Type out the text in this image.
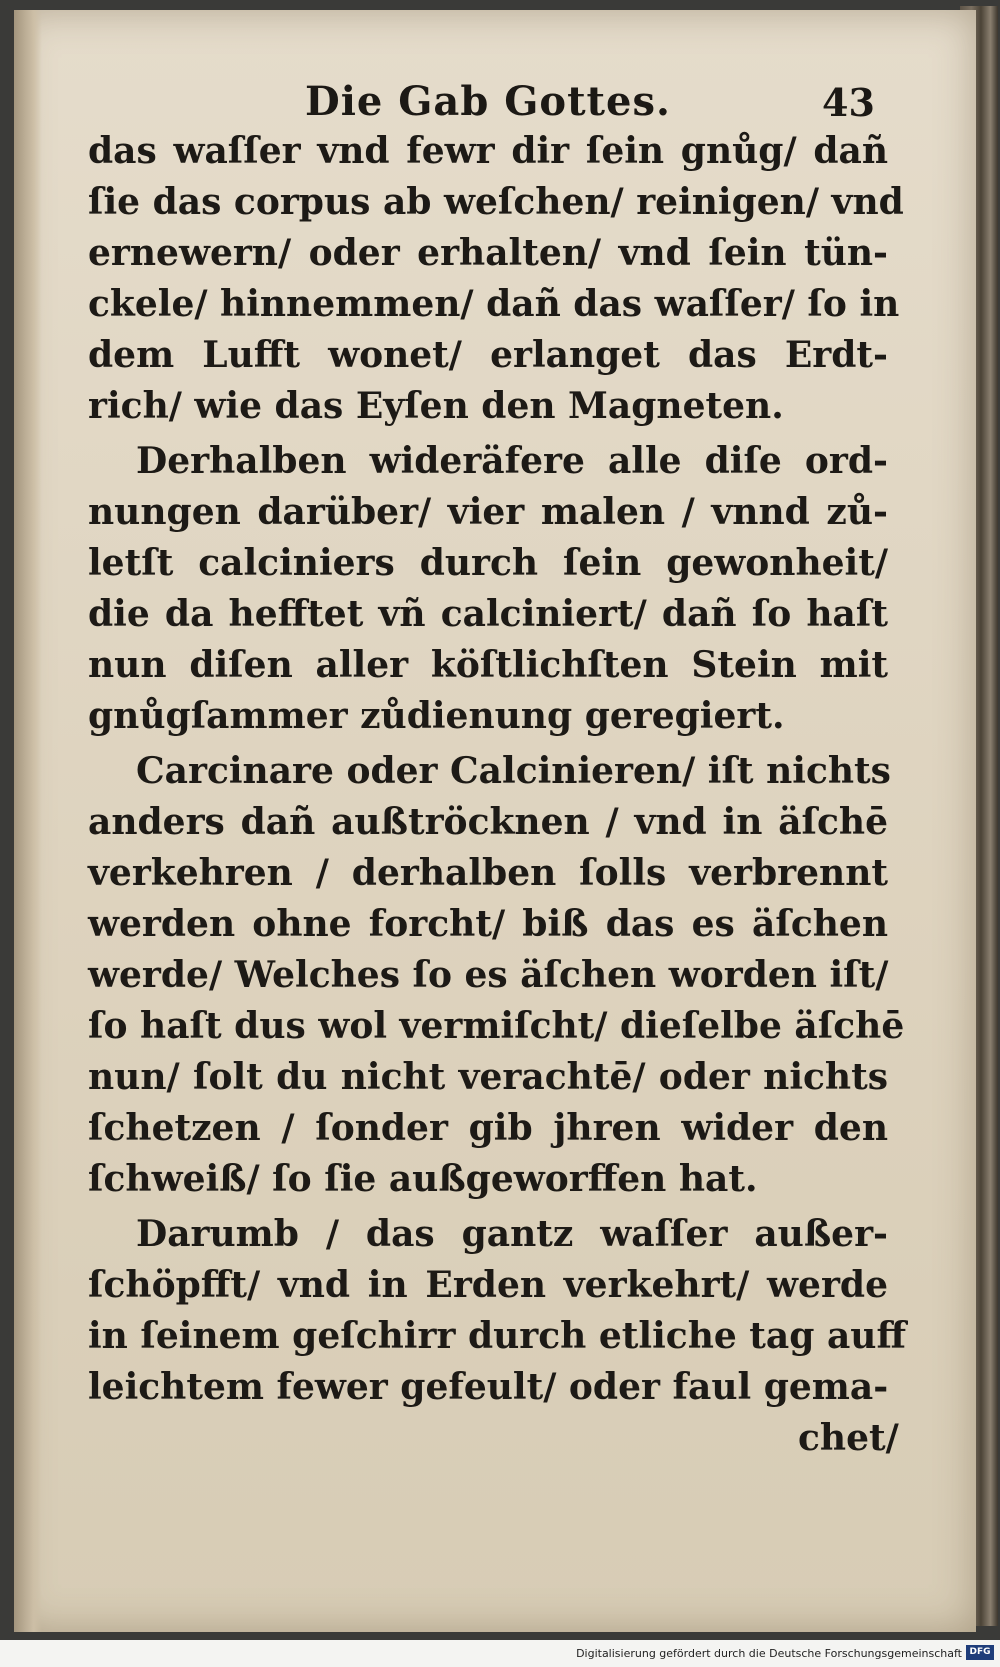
Die Gab Gottes.	43
das waſſer vnd fewr dir ſein gnůg/ dañ
ſie das corpus ab weſchen/ reinigen/ vnd
ernewern/ oder erhalten/ vnd ſein tün-
ckele/ hinnemmen/ dañ das waſſer/ ſo in
dem Lufft wonet/ erlanget das Erdt-
rich/ wie das Eyſen den Magneten.
Derhalben wideräfere alle diſe ord-
nungen darüber/ vier malen / vnnd zů-
letſt calciniers durch ſein gewonheit/
die da hefftet vñ calciniert/ dañ ſo haſt
nun diſen aller köſtlichſten Stein mit
gnůgſammer zůdienung geregiert.
Carcinare oder Calcinieren/ iſt nichts
anders dañ außtröcknen / vnd in äſchē
verkehren / derhalben ſolls verbrennt
werden ohne forcht/ biß das es äſchen
werde/ Welches ſo es äſchen worden iſt/
ſo haſt dus wol vermiſcht/ dieſelbe äſchē
nun/ ſolt du nicht verachtē/ oder nichts
ſchetzen / ſonder gib jhren wider den
ſchweiß/ ſo ſie außgeworffen hat.
Darumb / das gantz waſſer außer-
ſchöpfft/ vnd in Erden verkehrt/ werde
in ſeinem geſchirr durch etliche tag auff
leichtem fewer gefeult/ oder faul gema-
chet/
Digitalisierung gefördert durch die Deutsche Forschungsgemeinschaft DFG
